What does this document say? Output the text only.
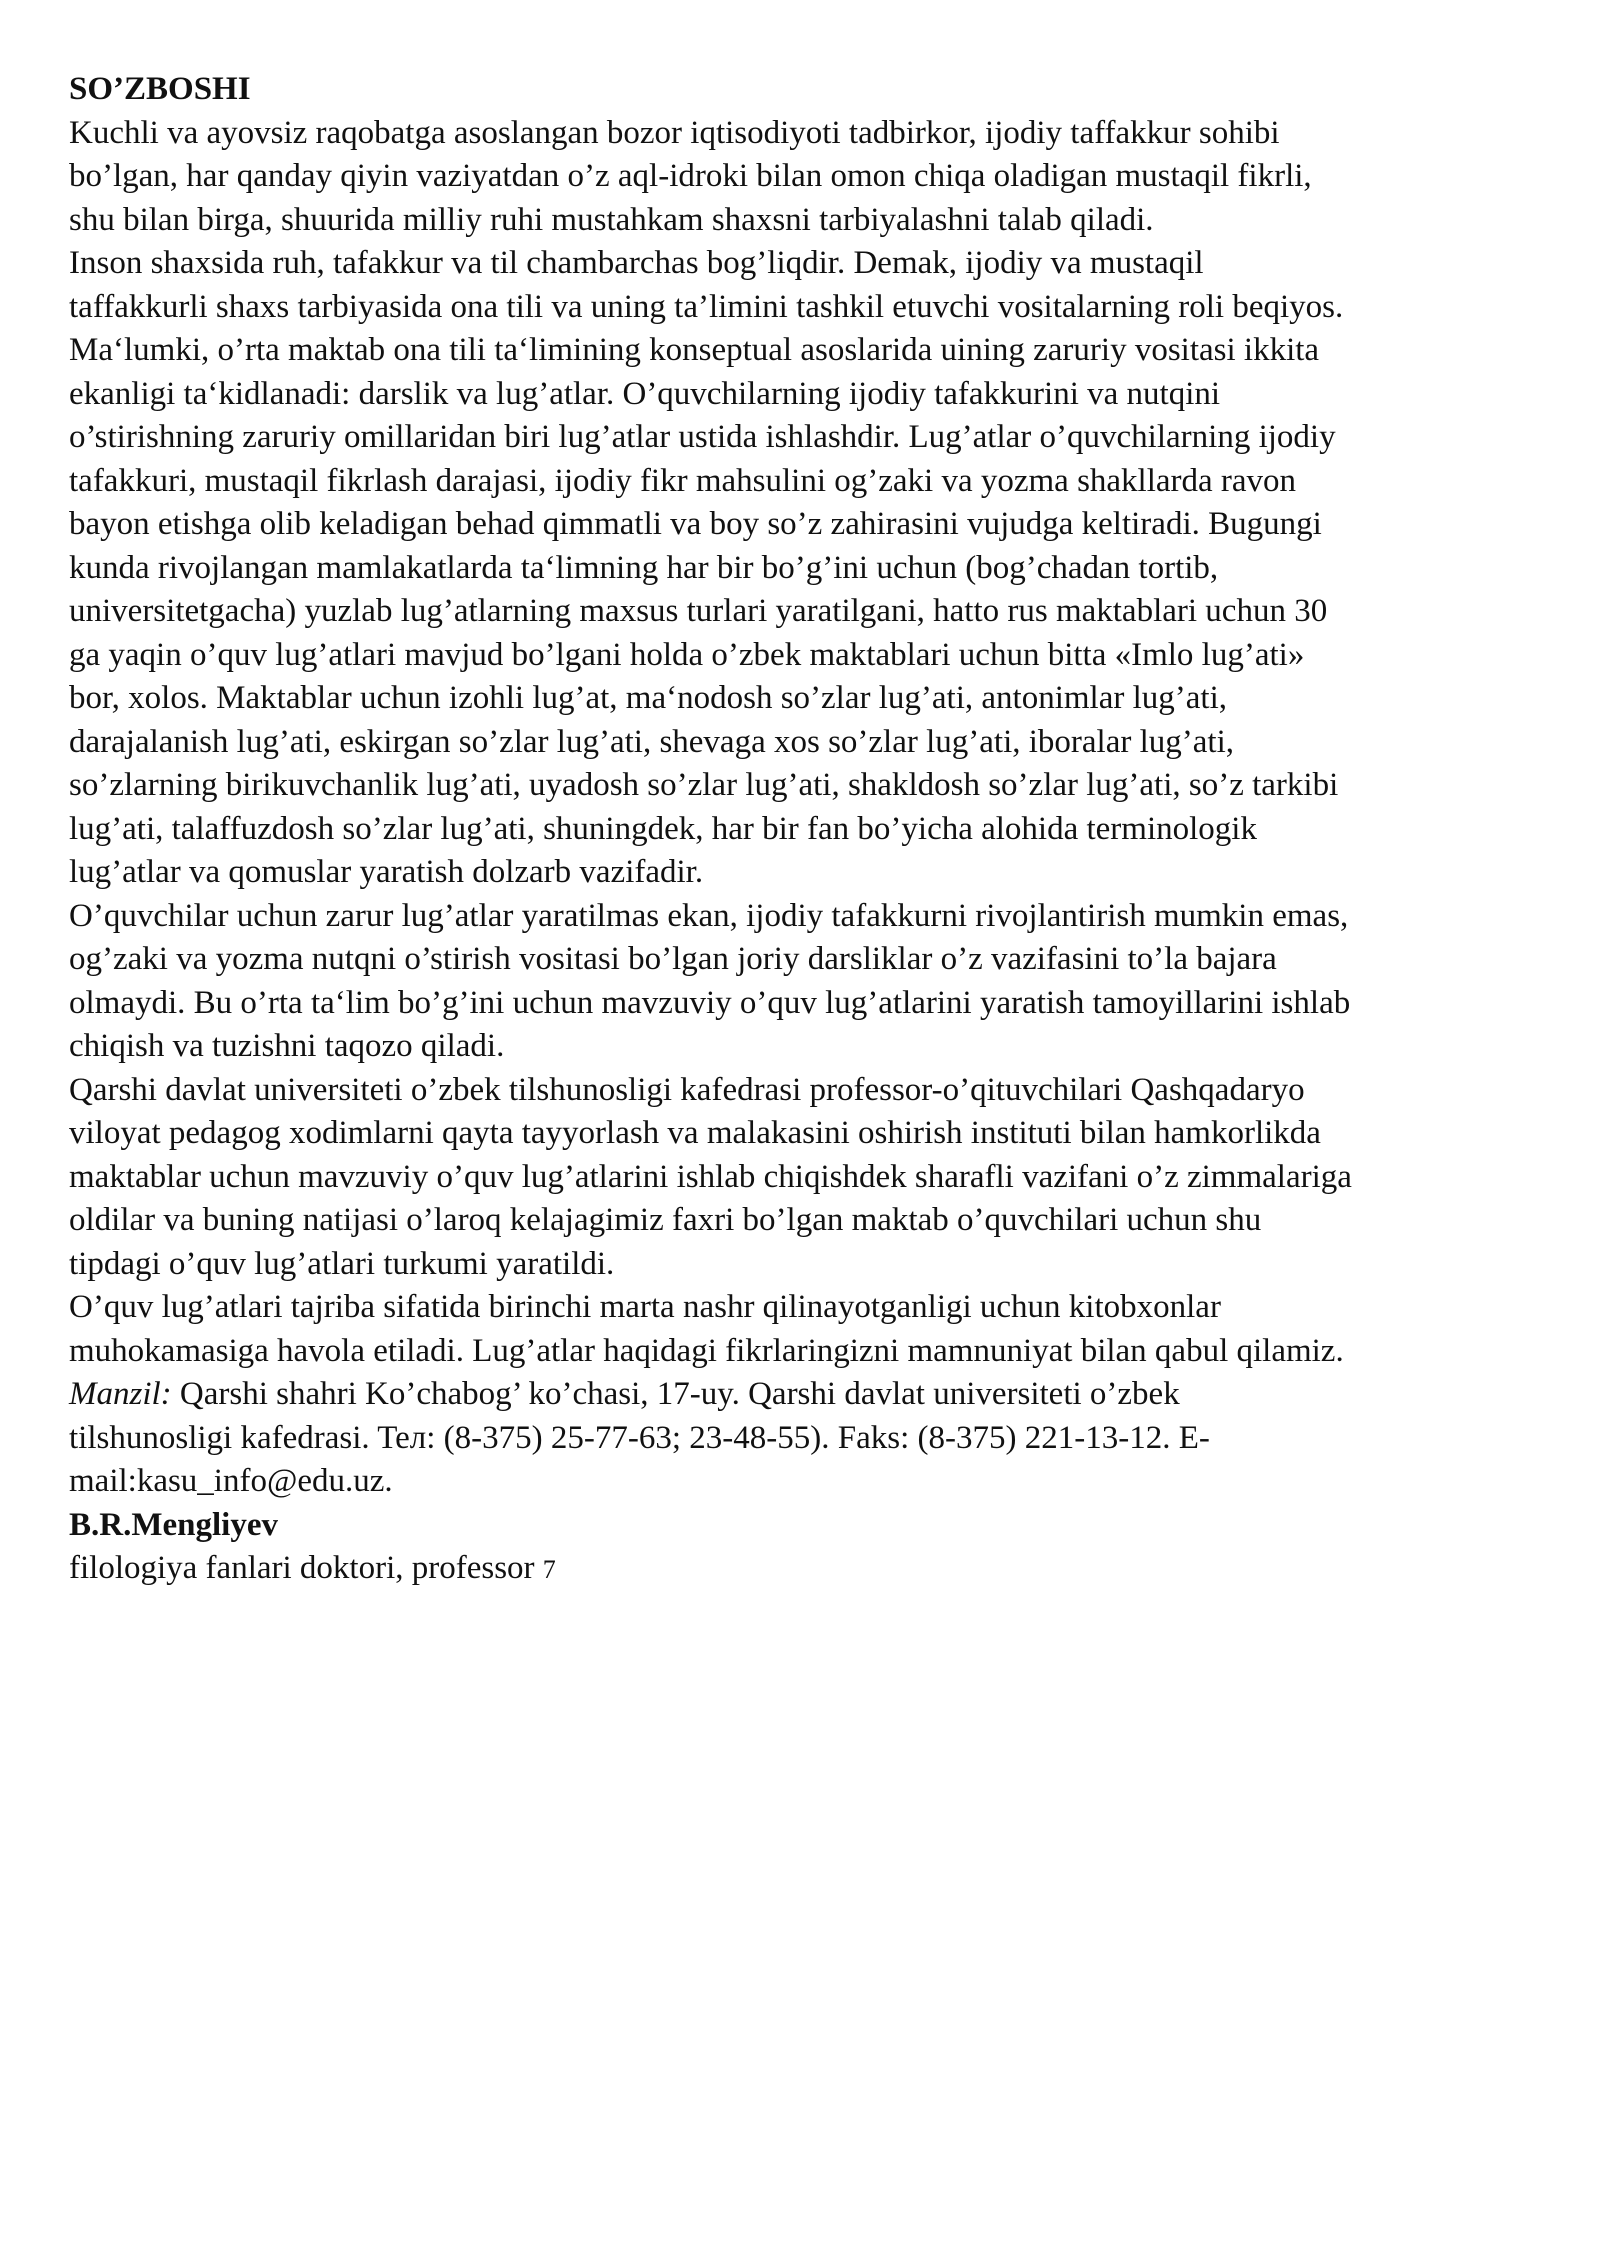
SO’ZBOSHI

Kuchli va ayovsiz raqobatga asoslangan bozor iqtisodiyoti tadbirkor, ijodiy taffakkur sohibi

bo’lgan, har qanday qiyin vaziyatdan o’z aql-idroki bilan omon chiqa oladigan mustaqil fikrli,

shu bilan birga, shuurida milliy ruhi mustahkam shaxsni tarbiyalashni talab qiladi.

Inson shaxsida ruh, tafakkur va til chambarchas bog’liqdir. Demak, ijodiy va mustaqil

taffakkurli shaxs tarbiyasida ona tili va uning ta’limini tashkil etuvchi vositalarning roli beqiyos.

Ma‘lumki, o’rta maktab ona tili ta‘limining konseptual asoslarida uining zaruriy vositasi ikkita

ekanligi ta‘kidlanadi: darslik va lug’atlar. O’quvchilarning ijodiy tafakkurini va nutqini

o’stirishning zaruriy omillaridan biri lug’atlar ustida ishlashdir. Lug’atlar o’quvchilarning ijodiy

tafakkuri, mustaqil fikrlash darajasi, ijodiy fikr mahsulini og’zaki va yozma shakllarda ravon

bayon etishga olib keladigan behad qimmatli va boy so’z zahirasini vujudga keltiradi. Bugungi

kunda rivojlangan mamlakatlarda ta‘limning har bir bo’g’ini uchun (bog’chadan tortib,

universitetgacha) yuzlab lug’atlarning maxsus turlari yaratilgani, hatto rus maktablari uchun 30

ga yaqin o’quv lug’atlari mavjud bo’lgani holda o’zbek maktablari uchun bitta «Imlo lug’ati»

bor, xolos. Maktablar uchun izohli lug’at, ma‘nodosh so’zlar lug’ati, antonimlar lug’ati,

darajalanish lug’ati, eskirgan so’zlar lug’ati, shevaga xos so’zlar lug’ati, iboralar lug’ati,

so’zlarning birikuvchanlik lug’ati, uyadosh so’zlar lug’ati, shakldosh so’zlar lug’ati, so’z tarkibi

lug’ati, talaffuzdosh so’zlar lug’ati, shuningdek, har bir fan bo’yicha alohida terminologik

lug’atlar va qomuslar yaratish dolzarb vazifadir.

O’quvchilar uchun zarur lug’atlar yaratilmas ekan, ijodiy tafakkurni rivojlantirish mumkin emas,

og’zaki va yozma nutqni o’stirish vositasi bo’lgan joriy darsliklar o’z vazifasini to’la bajara

olmaydi. Bu o’rta ta‘lim bo’g’ini uchun mavzuviy o’quv lug’atlarini yaratish tamoyillarini ishlab

chiqish va tuzishni taqozo qiladi.

Qarshi davlat universiteti o’zbek tilshunosligi kafedrasi professor-o’qituvchilari Qashqadaryo

viloyat pedagog xodimlarni qayta tayyorlash va malakasini oshirish instituti bilan hamkorlikda

maktablar uchun mavzuviy o’quv lug’atlarini ishlab chiqishdek sharafli vazifani o’z zimmalariga

oldilar va buning natijasi o’laroq kelajagimiz faxri bo’lgan maktab o’quvchilari uchun shu

tipdagi o’quv lug’atlari turkumi yaratildi.

O’quv lug’atlari tajriba sifatida birinchi marta nashr qilinayotganligi uchun kitobxonlar

muhokamasiga havola etiladi. Lug’atlar haqidagi fikrlaringizni mamnuniyat bilan qabul qilamiz.

Manzil: Qarshi shahri Ko’chabog’ ko’chasi, 17-uy. Qarshi davlat universiteti o’zbek

tilshunosligi kafedrasi. Teл: (8-375) 25-77-63; 23-48-55). Faks: (8-375) 221-13-12. E-

mail:kasu_info@edu.uz.

B.R.Mengliyev

filologiya fanlari doktori, professor 7
